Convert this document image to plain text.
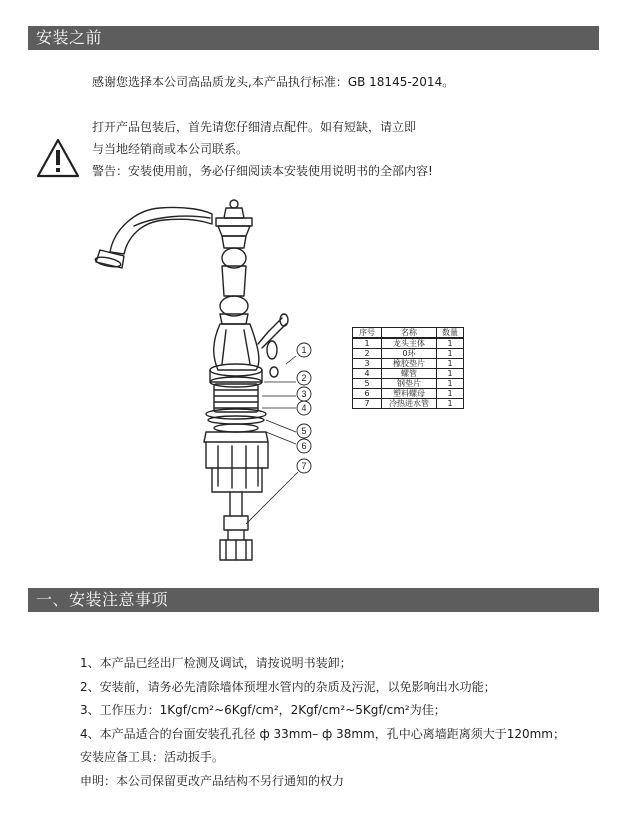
安装之前
感谢您选择本公司高品质龙头,本产品执行标准：GB 18145-2014。
打开产品包装后，首先请您仔细清点配件。如有短缺，请立即
与当地经销商或本公司联系。
警告：安装使用前，务必仔细阅读本安装使用说明书的全部内容!
1
2
3
4
5
6
7
序号	名称	数量
1	龙头主体	1
2	0环	1
3	橡胶垫片	1
4	螺管	1
5	钢垫片	1
6	塑料螺母	1
7	冷热进水管	1
一、安装注意事项
1、本产品已经出厂检测及调试，请按说明书装卸；
2、安装前，请务必先清除墙体预埋水管内的杂质及污泥，以免影响出水功能；
3、工作压力：1Kgf/cm²~6Kgf/cm²，2Kgf/cm²~5Kgf/cm²为佳；
4、本产品适合的台面安装孔孔径 ф 33mm– ф 38mm，孔中心离墙距离须大于120mm；
安装应备工具：活动扳手。
申明：本公司保留更改产品结构不另行通知的权力
